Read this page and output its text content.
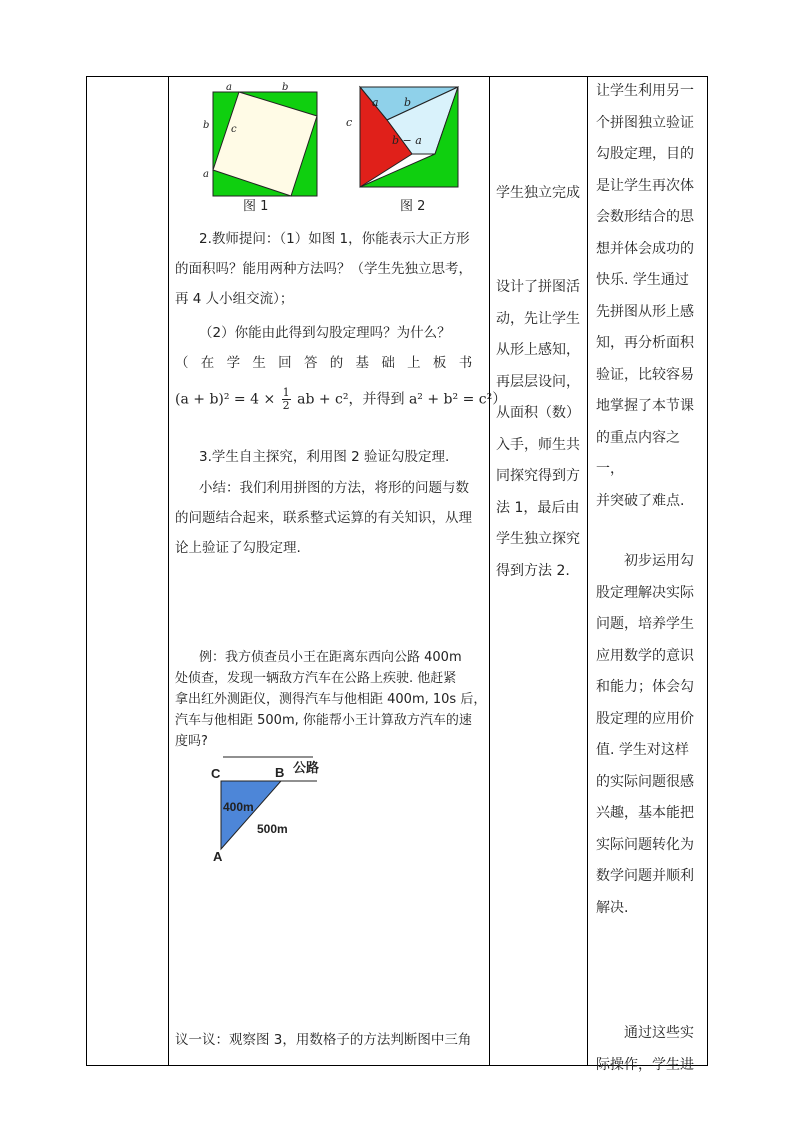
a	b
b c
a
图 1
a b
b − a
c
图 2
2.教师提问：（1）如图 1，你能表示大正方形
的面积吗？能用两种方法吗？（学生先独立思考，
再 4 人小组交流）；
（2）你能由此得到勾股定理吗？为什么？
（ 在 学 生 回 答 的 基 础 上 板 书
$(a + b)^2 = 4 \times \frac{1}{2}$ ab + c²，并得到 a² + b² = c²）
3.学生自主探究，利用图 2 验证勾股定理.
小结：我们利用拼图的方法，将形的问题与数
的问题结合起来，联系整式运算的有关知识，从理
论上验证了勾股定理.
例：我方侦查员小王在距离东西向公路 400m
处侦查，发现一辆敌方汽车在公路上疾驶. 他赶紧
拿出红外测距仪，测得汽车与他相距 400m, 10s 后，
汽车与他相距 500m, 你能帮小王计算敌方汽车的速
度吗?
C	B 公路
400m
500m
A
议一议：观察图 3，用数格子的方法判断图中三角
学生独立完成
设计了拼图活
动，先让学生
从形上感知，
再层层设问，
从面积（数）
入手，师生共
同探究得到方
法 1，最后由
学生独立探究
得到方法 2.
让学生利用另一
个拼图独立验证
勾股定理，目的
是让学生再次体
会数形结合的思
想并体会成功的
快乐. 学生通过
先拼图从形上感
知，再分析面积
验证，比较容易
地掌握了本节课
的重点内容之一，
并突破了难点.
初步运用勾
股定理解决实际
问题，培养学生
应用数学的意识
和能力；体会勾
股定理的应用价
值. 学生对这样
的实际问题很感
兴趣，基本能把
实际问题转化为
数学问题并顺利
解决.
通过这些实
际操作，学生进
